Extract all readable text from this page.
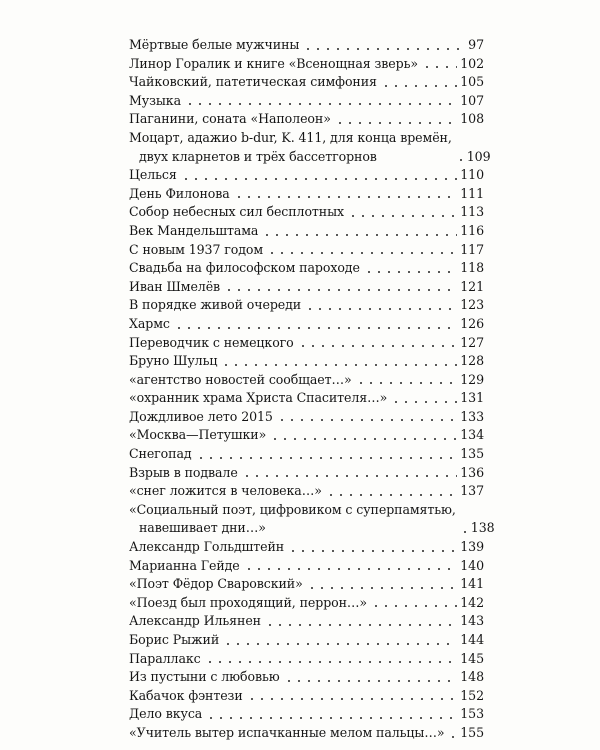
Мёртвые белые мужчины	97
Линор Горалик и книге «Всенощная зверь»	102
Чайковский, патетическая симфония	105
Музыка	107
Паганини, соната «Наполеон»	108
Моцарт, адажио b-dur, K. 411, для конца времён,
двух кларнетов и трёх бассетгорнов	109
Целься	110
День Филонова	111
Собор небесных сил бесплотных	113
Век Мандельштама	116
С новым 1937 годом	117
Свадьба на философском пароходе	118
Иван Шмелёв	121
В порядке живой очереди	123
Хармс	126
Переводчик с немецкого	127
Бруно Шульц	128
«агентство новостей сообщает…»	129
«охранник храма Христа Спасителя…»	131
Дождливое лето 2015	133
«Москва—Петушки»	134
Снегопад	135
Взрыв в подвале	136
«снег ложится в человека…»	137
«Социальный поэт, цифровиком с суперпамятью,
навешивает дни…»	138
Александр Гольдштейн	139
Марианна Гейде	140
«Поэт Фёдор Сваровский»	141
«Поезд был проходящий, перрон…»	142
Александр Ильянен	143
Борис Рыжий	144
Параллакс	145
Из пустыни с любовью	148
Кабачок фэнтези	152
Дело вкуса	153
«Учитель вытер испачканные мелом пальцы…» 155
